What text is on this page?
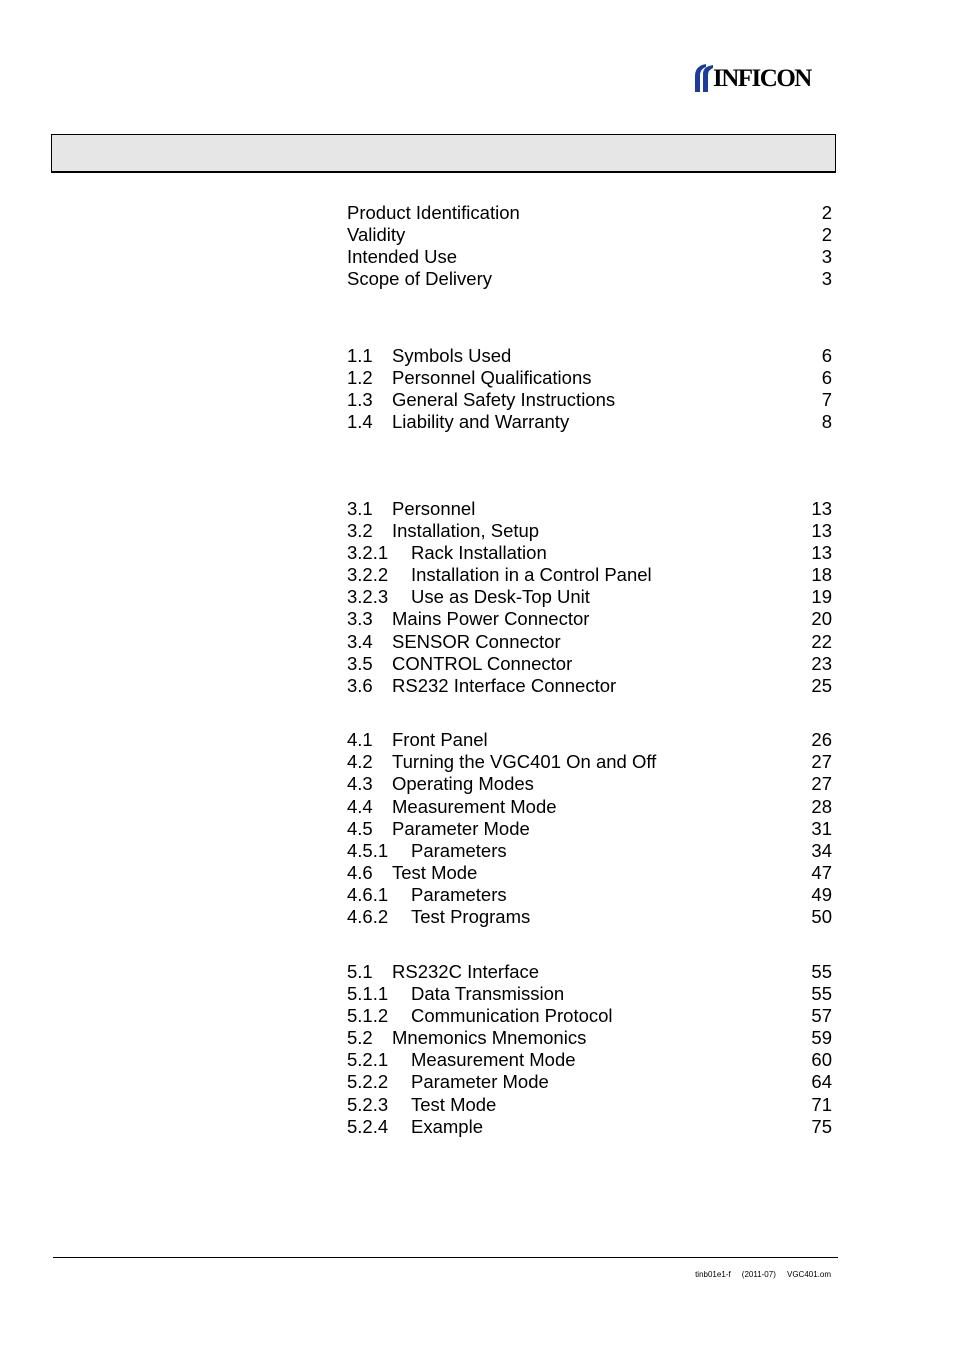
INFICON
Product Identification	2
Validity	2
Intended Use	3
Scope of Delivery	3
1.1 Symbols Used	6
1.2 Personnel Qualifications	6
1.3 General Safety Instructions	7
1.4 Liability and Warranty	8
3.1 Personnel	13
3.2 Installation, Setup	13
3.2.1 Rack Installation	13
3.2.2 Installation in a Control Panel	18
3.2.3 Use as Desk-Top Unit	19
3.3 Mains Power Connector	20
3.4 SENSOR Connector	22
3.5 CONTROL Connector	23
3.6 RS232 Interface Connector	25
4.1 Front Panel	26
4.2 Turning the VGC401 On and Off	27
4.3 Operating Modes	27
4.4 Measurement Mode	28
4.5 Parameter Mode	31
4.5.1 Parameters	34
4.6 Test Mode	47
4.6.1 Parameters	49
4.6.2 Test Programs	50
5.1 RS232C Interface	55
5.1.1 Data Transmission	55
5.1.2 Communication Protocol	57
5.2 Mnemonics Mnemonics	59
5.2.1 Measurement Mode	60
5.2.2 Parameter Mode	64
5.2.3 Test Mode	71
5.2.4 Example	75
tinb01e1-f     (2011-07)     VGC401.om
